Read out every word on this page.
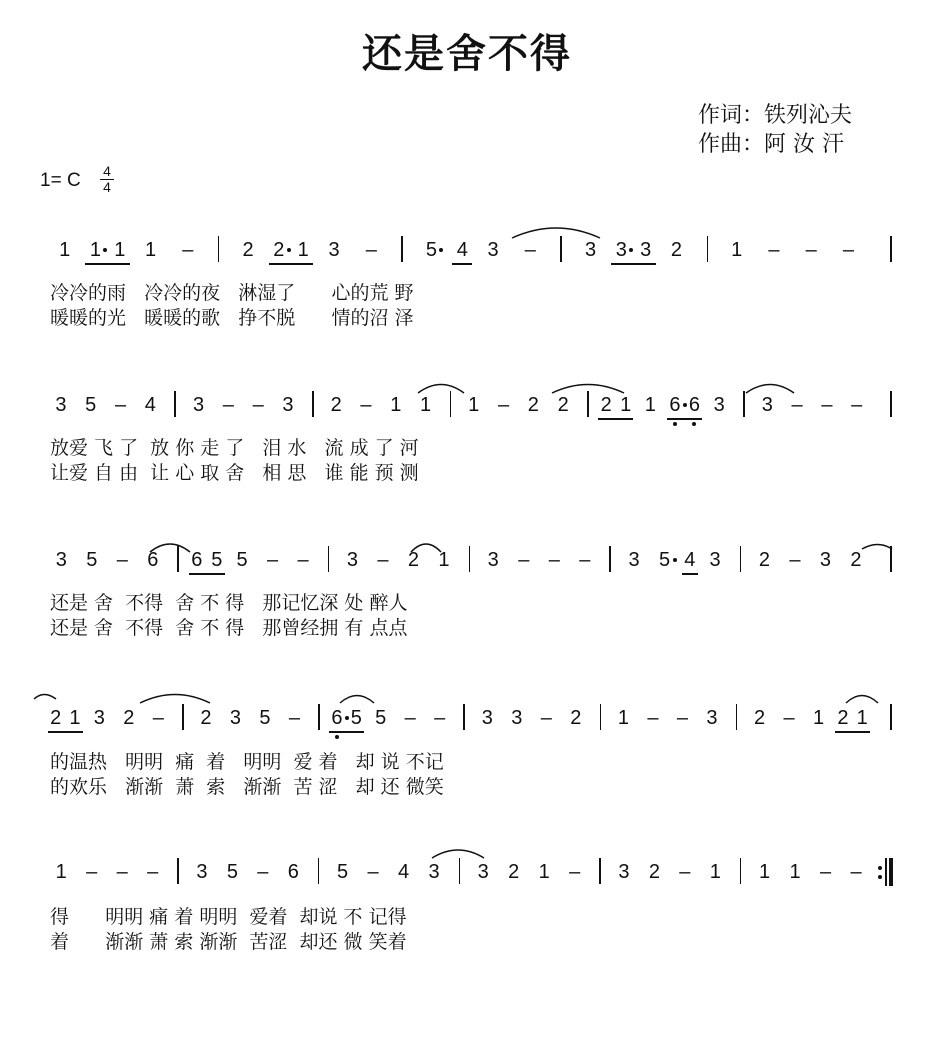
还是舍不得
作词：铁列沁夫
作曲：阿 汝 汗
1= C 4
4
1 1 1 1 – 2 2 1 3 – 5 4 3 – 3 3 3 2 1 – – –
冷冷的雨   冷冷的夜   淋湿了      心的荒 野
暖暖的光   暖暖的歌   挣不脱      情的沼 泽
3 5 – 4 3 – – 3 2 – 1 1 1 – 2 2 2 1 1 6 6 3 3 – – –
放爱 飞 了  放 你 走 了   泪 水   流 成 了 河
让爱 自 由  让 心 取 舍   相 思   谁 能 预 测
3 5 – 6 6 5 5 – – 3 – 2 1 3 – – – 3 5 4 3 2 – 3 2
还是 舍  不得  舍 不 得   那记忆深 处 醉人
还是 舍  不得  舍 不 得   那曾经拥 有 点点
2 1 3 2 – 2 3 5 – 6 5 5 – – 3 3 – 2 1 – – 3 2 – 1 2 1
的温热   明明  痛  着   明明  爱 着   却 说 不记
的欢乐   渐渐  萧  索   渐渐  苦 涩   却 还 微笑
1 – – – 3 5 – 6 5 – 4 3 3 2 1 – 3 2 – 1 1 1 – –
得      明明 痛 着 明明  爱着  却说 不 记得
着      渐渐 萧 索 渐渐  苦涩  却还 微 笑着
